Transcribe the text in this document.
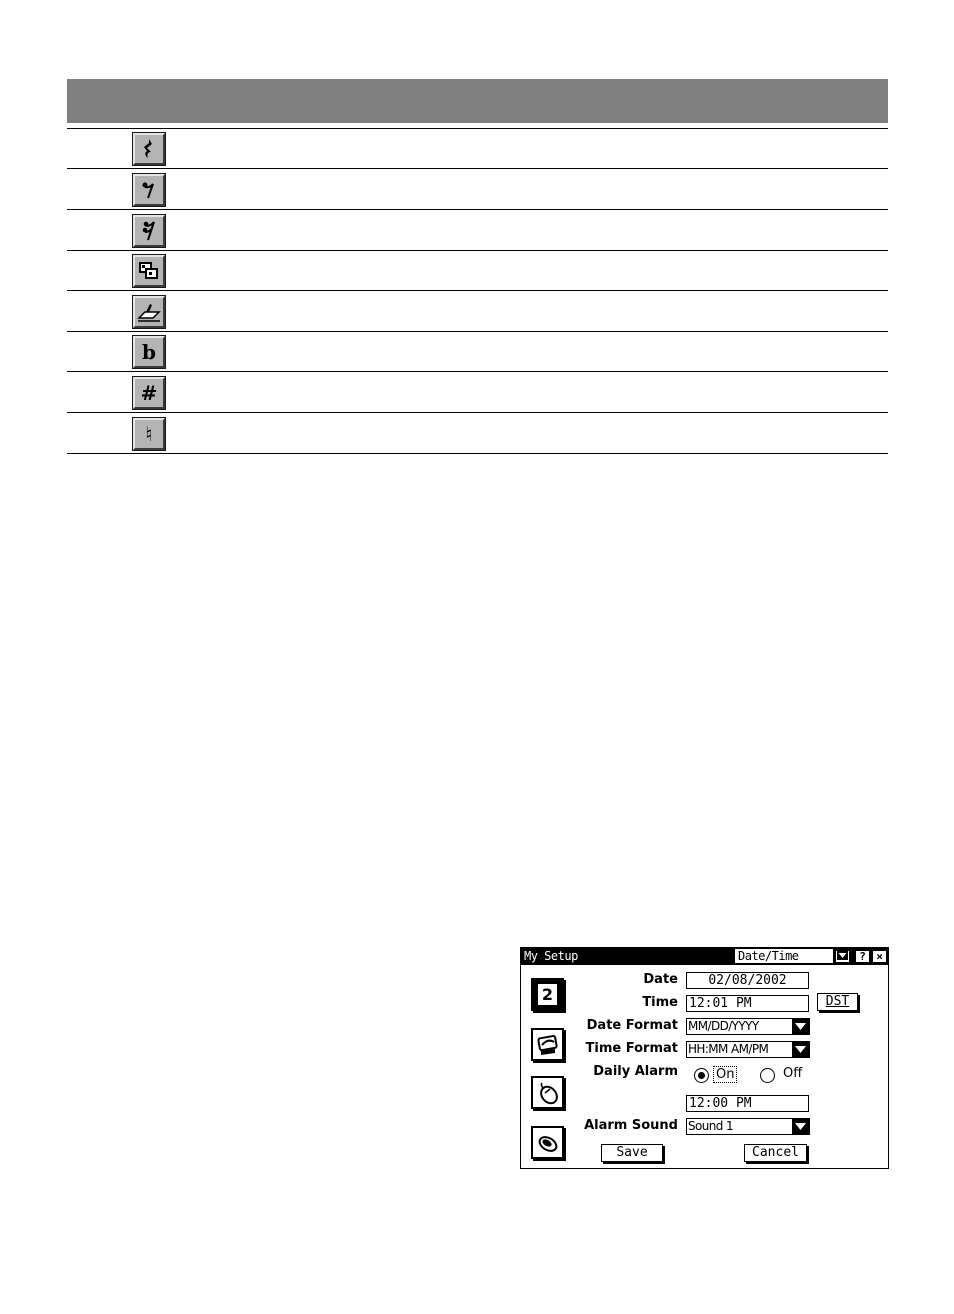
b
#
♮
My Setup	Date/Time	? ×
2
Date	02/08/2002
Time 12:01 PM	DST
Date Format MM/DD/YYYY
Time Format HH:MM AM/PM
Daily Alarm	On	Off
12:00 PM
Alarm Sound Sound 1
Save	Cancel
